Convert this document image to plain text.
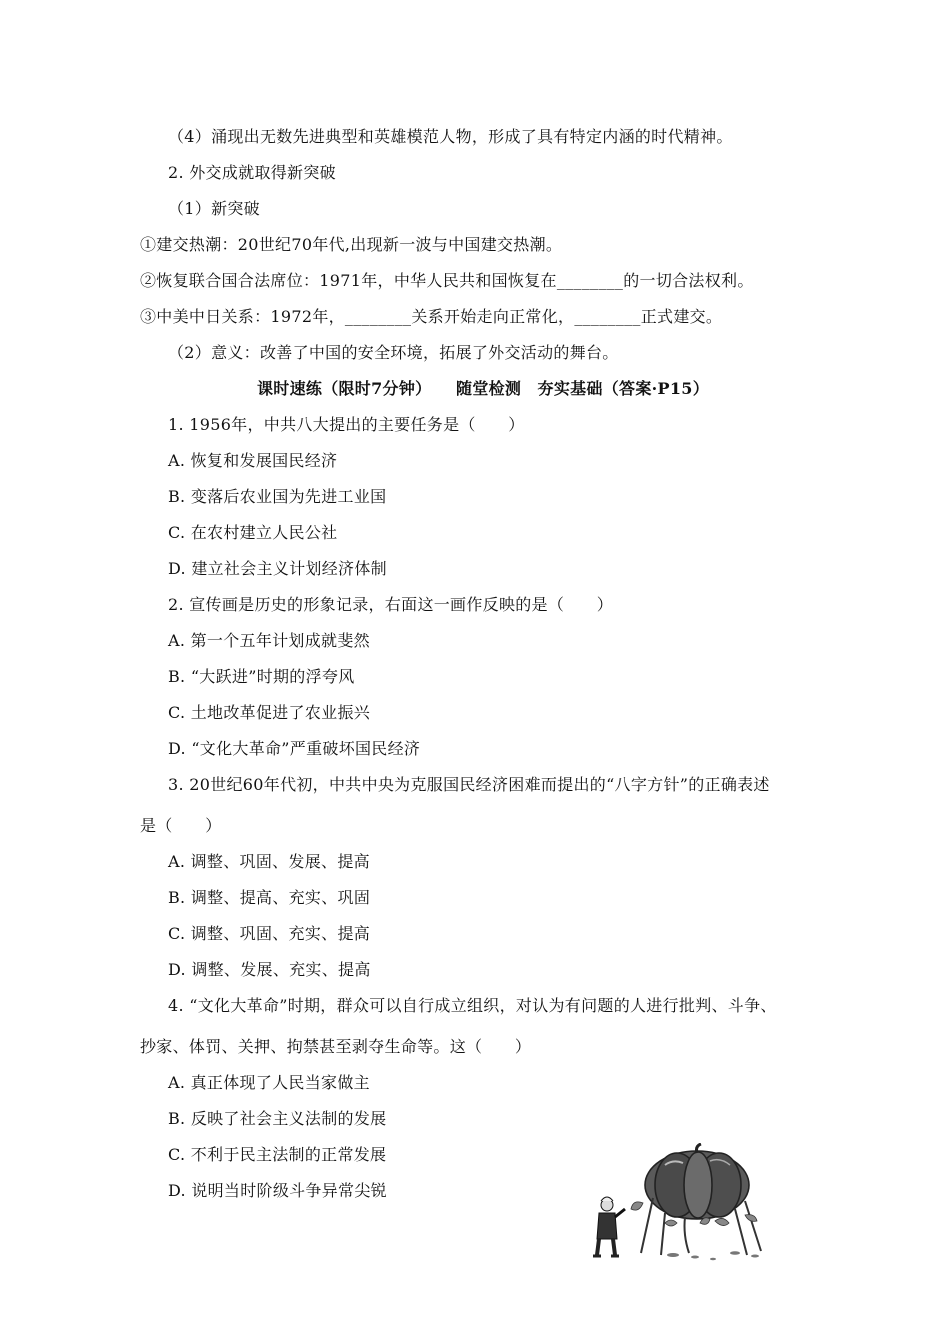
（4）涌现出无数先进典型和英雄模范人物，形成了具有特定内涵的时代精神。
2. 外交成就取得新突破
（1）新突破
①建交热潮：20世纪70年代,出现新一波与中国建交热潮。
②恢复联合国合法席位：1971年，中华人民共和国恢复在________的一切合法权利。
③中美中日关系：1972年，________关系开始走向正常化，________正式建交。
（2）意义：改善了中国的安全环境，拓展了外交活动的舞台。
课时速练（限时7分钟）　　随堂检测　夯实基础（答案·P15）
1. 1956年，中共八大提出的主要任务是（　　）
A. 恢复和发展国民经济
B. 变落后农业国为先进工业国
C. 在农村建立人民公社
D. 建立社会主义计划经济体制
2. 宣传画是历史的形象记录，右面这一画作反映的是（　　）
A. 第一个五年计划成就斐然
B. “大跃进”时期的浮夸风
C. 土地改革促进了农业振兴
D. “文化大革命”严重破坏国民经济
3. 20世纪60年代初，中共中央为克服国民经济困难而提出的“八字方针”的正确表述
是（　　）
A. 调整、巩固、发展、提高
B. 调整、提高、充实、巩固
C. 调整、巩固、充实、提高
D. 调整、发展、充实、提高
4. “文化大革命”时期，群众可以自行成立组织，对认为有问题的人进行批判、斗争、
抄家、体罚、关押、拘禁甚至剥夺生命等。这（　　）
A. 真正体现了人民当家做主
B. 反映了社会主义法制的发展
C. 不利于民主法制的正常发展
D. 说明当时阶级斗争异常尖锐
